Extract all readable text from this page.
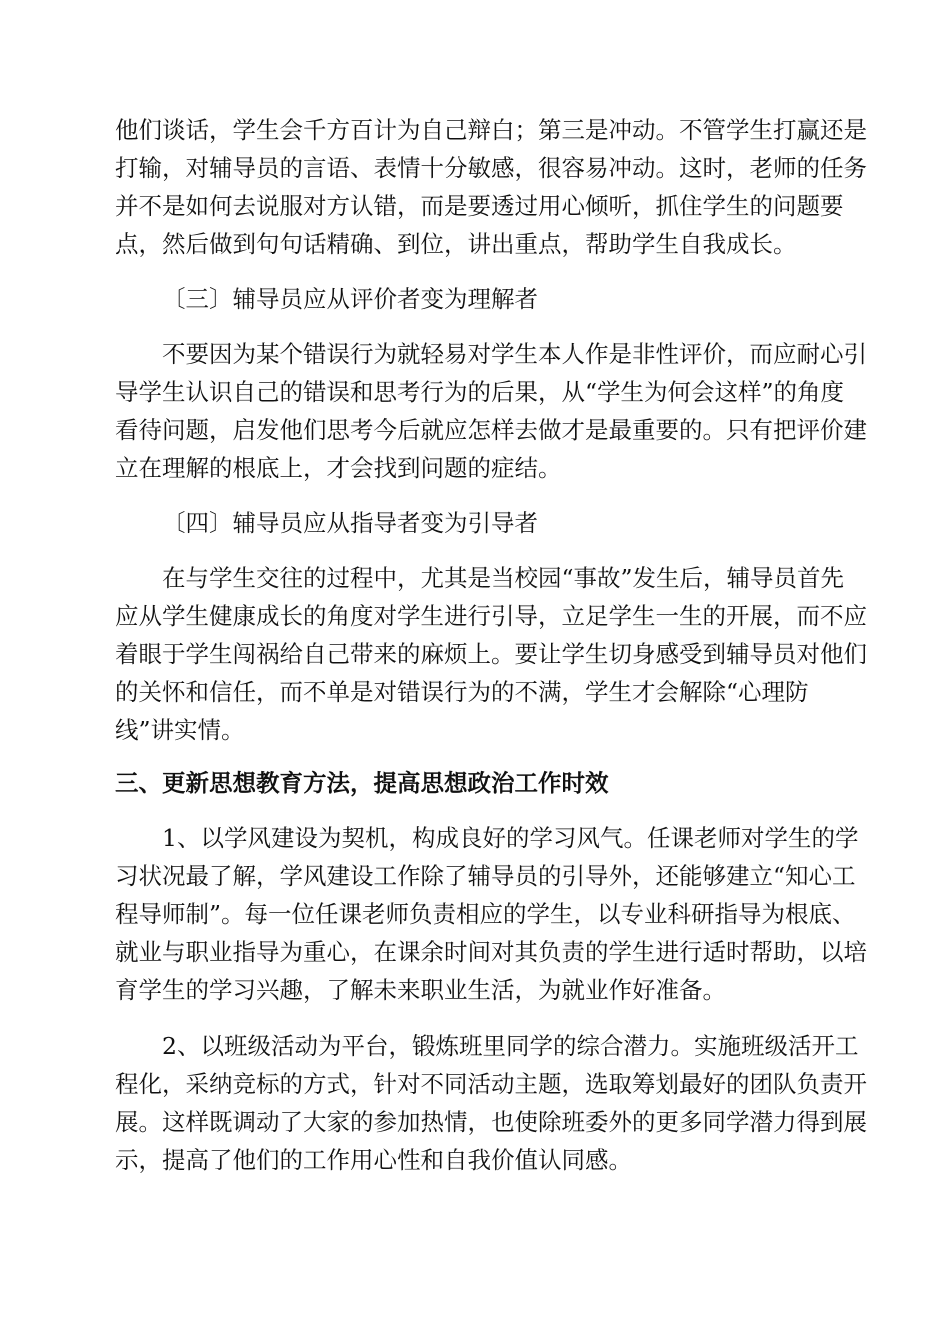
他们谈话，学生会千方百计为自己辩白；第三是冲动。不管学生打赢还是
打输，对辅导员的言语、表情十分敏感，很容易冲动。这时，老师的任务
并不是如何去说服对方认错，而是要透过用心倾听，抓住学生的问题要
点，然后做到句句话精确、到位，讲出重点，帮助学生自我成长。
〔三〕辅导员应从评价者变为理解者
不要因为某个错误行为就轻易对学生本人作是非性评价，而应耐心引
导学生认识自己的错误和思考行为的后果，从“学生为何会这样”的角度
看待问题，启发他们思考今后就应怎样去做才是最重要的。只有把评价建
立在理解的根底上，才会找到问题的症结。
〔四〕辅导员应从指导者变为引导者
在与学生交往的过程中，尤其是当校园“事故”发生后，辅导员首先
应从学生健康成长的角度对学生进行引导，立足学生一生的开展，而不应
着眼于学生闯祸给自己带来的麻烦上。要让学生切身感受到辅导员对他们
的关怀和信任，而不单是对错误行为的不满，学生才会解除“心理防
线”讲实情。
三、更新思想教育方法，提高思想政治工作时效
1、以学风建设为契机，构成良好的学习风气。任课老师对学生的学
习状况最了解，学风建设工作除了辅导员的引导外，还能够建立“知心工
程导师制”。每一位任课老师负责相应的学生，以专业科研指导为根底、
就业与职业指导为重心，在课余时间对其负责的学生进行适时帮助，以培
育学生的学习兴趣，了解未来职业生活，为就业作好准备。
2、以班级活动为平台，锻炼班里同学的综合潜力。实施班级活开工
程化，采纳竞标的方式，针对不同活动主题，选取筹划最好的团队负责开
展。这样既调动了大家的参加热情，也使除班委外的更多同学潜力得到展
示，提高了他们的工作用心性和自我价值认同感。
